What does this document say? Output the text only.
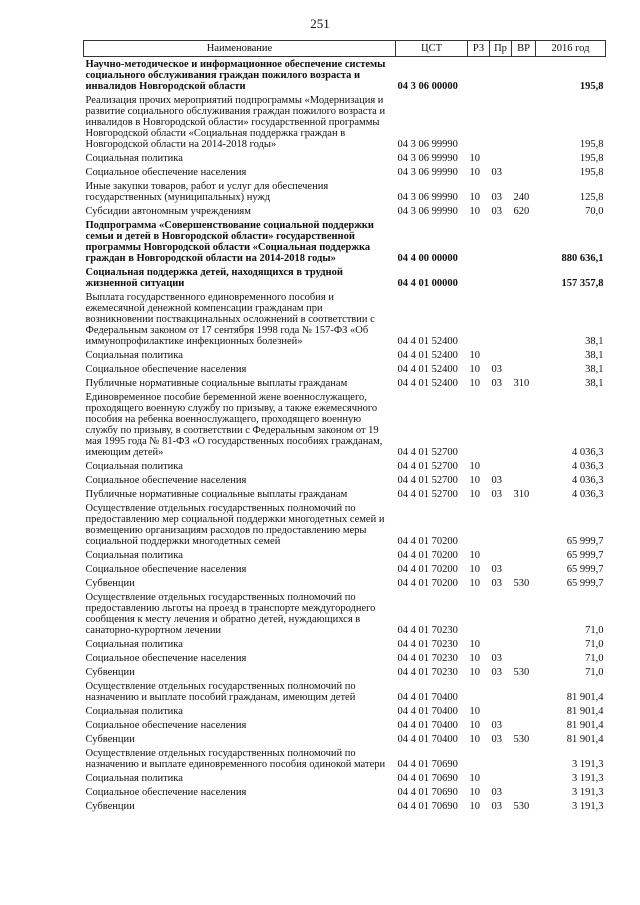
251
Наименование	ЦСТ	РЗ	Пр	ВР	2016 год
Научно-методическое и информационное обеспечение системы социального обслуживания граждан пожилого возраста и инвалидов Новгородской области	04 3 06 00000				195,8
Реализация прочих мероприятий подпрограммы «Модернизация и развитие социального обслуживания граждан пожилого возраста и инвалидов в Новгородской области» государственной программы Новгородской области «Социальная поддержка граждан в Новгородской области на 2014-2018 годы»	04 3 06 99990				195,8
Социальная политика	04 3 06 99990	10			195,8
Социальное обеспечение населения	04 3 06 99990	10	03		195,8
Иные закупки товаров, работ и услуг для обеспечения государственных (муниципальных) нужд	04 3 06 99990	10	03	240	125,8
Субсидии автономным учреждениям	04 3 06 99990	10	03	620	70,0
Подпрограмма «Совершенствование социальной поддержки семьи и детей в Новгородской области» государственной программы Новгородской области «Социальная поддержка граждан в Новгородской области на 2014-2018 годы»	04 4 00 00000				880 636,1
Социальная поддержка детей, находящихся в трудной жизненной ситуации	04 4 01 00000				157 357,8
Выплата государственного единовременного пособия и ежемесячной денежной компенсации гражданам при возникновении поствакцинальных осложнений в соответствии с Федеральным законом от 17 сентября 1998 года № 157-ФЗ «Об иммунопрофилактике инфекционных болезней»	04 4 01 52400				38,1
Социальная политика	04 4 01 52400	10			38,1
Социальное обеспечение населения	04 4 01 52400	10	03		38,1
Публичные нормативные социальные выплаты гражданам	04 4 01 52400	10	03	310	38,1
Единовременное пособие беременной жене военнослужащего, проходящего военную службу по призыву, а также ежемесячного пособия на ребенка военнослужащего, проходящего военную службу по призыву, в соответствии с Федеральным законом от 19 мая 1995 года № 81-ФЗ «О государственных пособиях гражданам, имеющим детей»	04 4 01 52700				4 036,3
Социальная политика	04 4 01 52700	10			4 036,3
Социальное обеспечение населения	04 4 01 52700	10	03		4 036,3
Публичные нормативные социальные выплаты гражданам	04 4 01 52700	10	03	310	4 036,3
Осуществление отдельных государственных полномочий по предоставлению мер социальной поддержки многодетных семей и возмещению организациям расходов по предоставлению меры социальной поддержки многодетных семей	04 4 01 70200				65 999,7
Социальная политика	04 4 01 70200	10			65 999,7
Социальное обеспечение населения	04 4 01 70200	10	03		65 999,7
Субвенции	04 4 01 70200	10	03	530	65 999,7
Осуществление отдельных государственных полномочий по предоставлению льготы на проезд в транспорте междугороднего сообщения к месту лечения и обратно детей, нуждающихся в санаторно-курортном лечении	04 4 01 70230				71,0
Социальная политика	04 4 01 70230	10			71,0
Социальное обеспечение населения	04 4 01 70230	10	03		71,0
Субвенции	04 4 01 70230	10	03	530	71,0
Осуществление отдельных государственных полномочий по назначению и выплате пособий гражданам, имеющим детей	04 4 01 70400				81 901,4
Социальная политика	04 4 01 70400	10			81 901,4
Социальное обеспечение населения	04 4 01 70400	10	03		81 901,4
Субвенции	04 4 01 70400	10	03	530	81 901,4
Осуществление отдельных государственных полномочий по назначению и выплате единовременного пособия одинокой матери	04 4 01 70690				3 191,3
Социальная политика	04 4 01 70690	10			3 191,3
Социальное обеспечение населения	04 4 01 70690	10	03		3 191,3
Субвенции	04 4 01 70690	10	03	530	3 191,3
